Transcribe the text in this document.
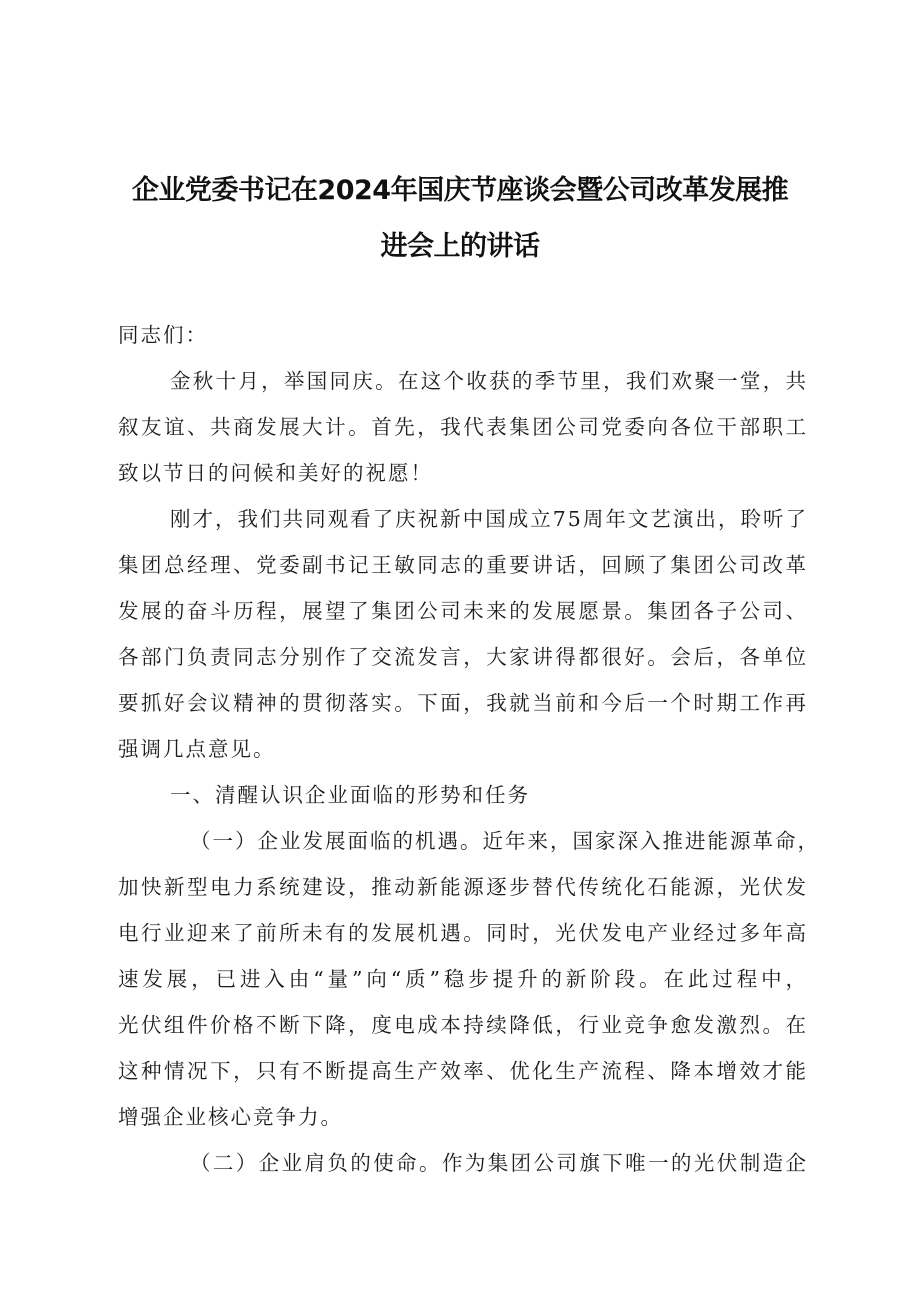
企业党委书记在2024年国庆节座谈会暨公司改革发展推
进会上的讲话
同志们：
金秋十月，举国同庆。在这个收获的季节里，我们欢聚一堂，共
叙友谊、共商发展大计。首先，我代表集团公司党委向各位干部职工
致以节日的问候和美好的祝愿！
刚才，我们共同观看了庆祝新中国成立75周年文艺演出，聆听了
集团总经理、党委副书记王敏同志的重要讲话，回顾了集团公司改革
发展的奋斗历程，展望了集团公司未来的发展愿景。集团各子公司、
各部门负责同志分别作了交流发言，大家讲得都很好。会后，各单位
要抓好会议精神的贯彻落实。下面，我就当前和今后一个时期工作再
强调几点意见。
一、清醒认识企业面临的形势和任务
（一）企业发展面临的机遇。近年来，国家深入推进能源革命，
加快新型电力系统建设，推动新能源逐步替代传统化石能源，光伏发
电行业迎来了前所未有的发展机遇。同时，光伏发电产业经过多年高
速发展，已进入由“量”向“质”稳步提升的新阶段。在此过程中，
光伏组件价格不断下降，度电成本持续降低，行业竞争愈发激烈。在
这种情况下，只有不断提高生产效率、优化生产流程、降本增效才能
增强企业核心竞争力。
（二）企业肩负的使命。作为集团公司旗下唯一的光伏制造企
